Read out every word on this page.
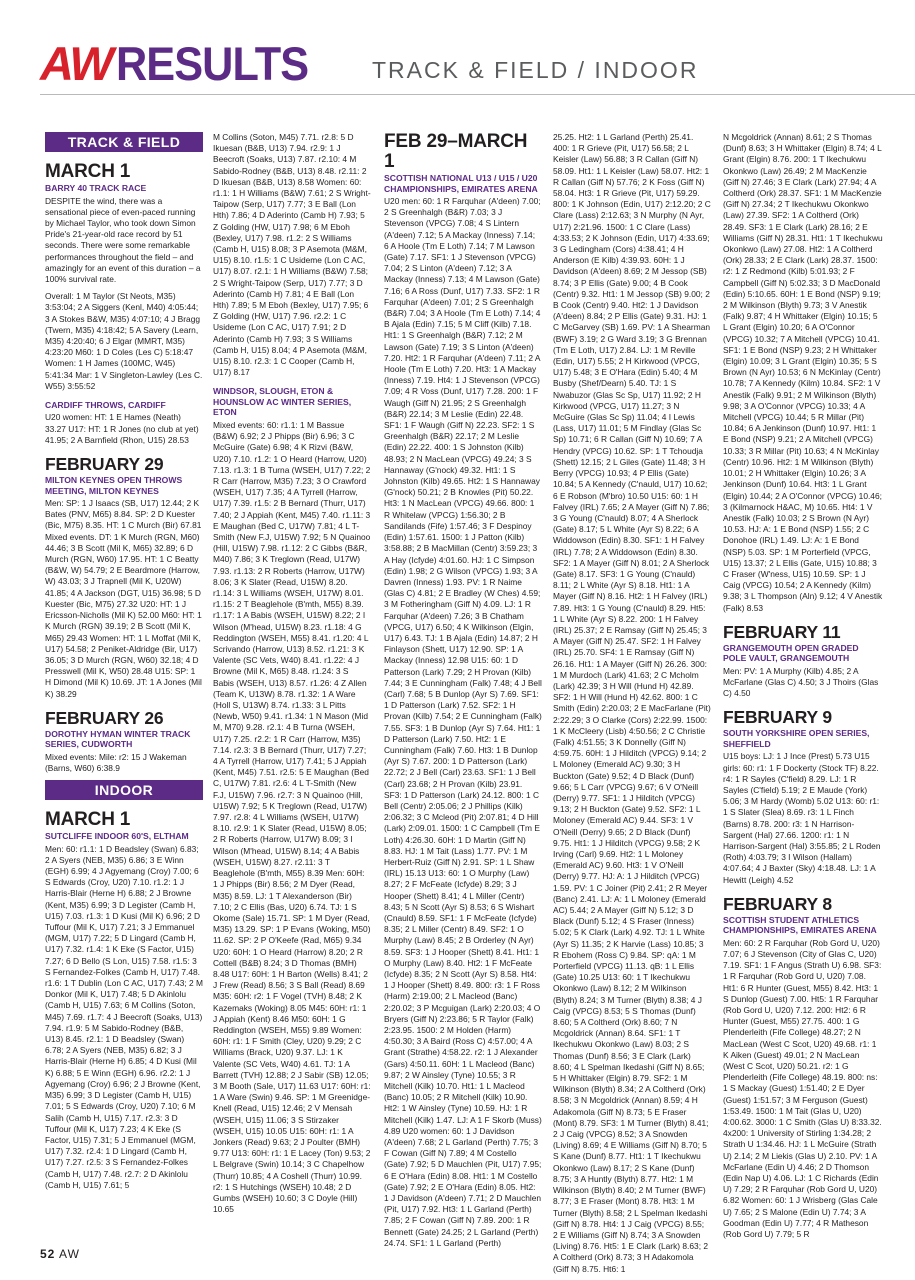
AW RESULTS	TRACK & FIELD / INDOOR
TRACK & FIELD
MARCH 1
BARRY 40 TRACK RACE

DESPITE the wind, there was a sensational piece of even-paced running by Michael Taylor, who took down Simon Pride's 21-year-old race record by 51 seconds. There were some remarkable performances throughout the field – and amazingly for an event of this duration – a 100% survival rate.

Overall: 1 M Taylor (St Neots, M35) 3:53:04; 2 A Siggers (Kenl, M40) 4:05:44; 3 A Stokes B&W, M35) 4:07:10; 4 J Bragg (Twern, M35) 4:18:42; 5 A Savery (Learn, M35) 4:20:40; 6 J Elgar (MMRT, M35) 4:23:20 M60: 1 D Coles (Les C) 5:18:47 Women: 1 H James (100MC, W45) 5:41:34 Mar: 1 V Singleton-Lawley (Les C. W55) 3:55:52

CARDIFF THROWS, CARDIFF

U20 women: HT: 1 E Hames (Neath) 33.27 U17: HT: 1 R Jones (no club at yet) 41.95; 2 A Barnfield (Rhon, U15) 28.53

FEBRUARY 29
MILTON KEYNES OPEN THROWS MEETING, MILTON KEYNES

Men: SP: 1 J Isaacs (SB, U17) 12.44; 2 K Bates (PNV, M65) 8.84. SP: 2 D Kuester (Bic, M75) 8.35. HT: 1 C Murch (Bir) 67.81 Mixed events. DT: 1 K Murch (RGN, M60) 44.46; 3 B Scott (Mil K, M65) 32.89; 6 D Murch (RGN, W60) 17.95. HT: 1 C Beatty (B&W, W) 54.79; 2 E Beardmore (Harrow, W) 43.03; 3 J Trapnell (Mil K, U20W) 41.85; 4 A Jackson (DGT, U15) 36.98; 5 D Kuester (Bic, M75) 27.32 U20: HT: 1 J Ericsson-Nicholls (Mil K) 52.00 M60: HT: 1 K Murch (RGN) 39.19; 2 B Scott (Mil K, M65) 29.43 Women: HT: 1 L Moffat (Mil K, U17) 54.58; 2 Peniket-Aldridge (Bir, U17) 36.05; 3 D Murch (RGN, W60) 32.18; 4 D Presswell (Mil K, W50) 28.48 U15: SP: 1 H Dimond (Mil K) 10.69. JT: 1 A Jones (Mil K) 38.29

FEBRUARY 26
DOROTHY HYMAN WINTER TRACK SERIES, CUDWORTH

Mixed events: Mile: r2: 15 J Wakeman (Barns, W60) 6:38.9

INDOOR
MARCH 1
SUTCLIFFE INDOOR 60'S, ELTHAM

Men: 60: r1.1: 1 D Beadsley (Swan) 6.83; 2 A Syers (NEB, M35) 6.86; 3 E Winn (EGH) 6.99; 4 J Agyemang (Croy) 7.00; 6 S Edwards (Croy, U20) 7.10. r1.2: 1 J Harris-Blair (Herne H) 6.88; 2 J Browne (Kent, M35) 6.99; 3 D Legister (Camb H, U15) 7.03. r1.3: 1 D Kusi (Mil K) 6.96; 2 D Tuffour (Mil K, U17) 7.21; 3 J Emmanuel (MGM, U17) 7.22; 5 D Lingard (Camb H, U17) 7.32. r1.4: 1 K Eke (S Factor, U15) 7.27; 6 D Bello (S Lon, U15) 7.58. r1.5: 3 S Fernandez-Folkes (Camb H, U17) 7.48. r1.6: 1 T Dublin (Lon C AC, U17) 7.43; 2 M Donkor (Mil K, U17) 7.48; 5 D Akinlolu (Camb H, U15) 7.63; 6 M Collins (Soton, M45) 7.69. r1.7: 4 J Beecroft (Soaks, U13) 7.94. r1.9: 5 M Sabido-Rodney (B&B, U13) 8.45. r2.1: 1 D Beadsley (Swan) 6.78; 2 A Syers (NEB, M35) 6.82; 3 J Harris-Blair (Herne H) 6.85; 4 D Kusi (Mil K) 6.88; 5 E Winn (EGH) 6.96. r2.2: 1 J Agyemang (Croy) 6.96; 2 J Browne (Kent, M35) 6.99; 3 D Legister (Camb H, U15) 7.01; 5 S Edwards (Croy, U20) 7.10; 6 M Salih (Camb H, U15) 7.17. r2.3: 3 D Tuffour (Mil K, U17) 7.23; 4 K Eke (S Factor, U15) 7.31; 5 J Emmanuel (MGM, U17) 7.32. r2.4: 1 D Lingard (Camb H, U17) 7.27. r2.5: 3 S Fernandez-Folkes (Camb H, U17) 7.48. r2.7: 2 D Akinlolu (Camb H, U15) 7.61; 5

M Collins (Soton, M45) 7.71. r2.8: 5 D Ikuesan (B&B, U13) 7.94. r2.9: 1 J Beecroft (Soaks, U13) 7.87. r2.10: 4 M Sabido-Rodney (B&B, U13) 8.48. r2.11: 2 D Ikuesan (B&B, U13) 8.58 Women: 60: r1.1: 1 H Williams (B&W) 7.61; 2 S Wright-Taipow (Serp, U17) 7.77; 3 E Ball (Lon Hth) 7.86; 4 D Aderinto (Camb H) 7.93; 5 Z Golding (HW, U17) 7.98; 6 M Eboh (Bexley, U17) 7.98. r1.2: 2 S Williams (Camb H, U15) 8.08; 3 P Asemota (M&M, U15) 8.10. r1.5: 1 C Usideme (Lon C AC, U17) 8.07. r2.1: 1 H Williams (B&W) 7.58; 2 S Wright-Taipow (Serp, U17) 7.77; 3 D Aderinto (Camb H) 7.81; 4 E Ball (Lon Hth) 7.89; 5 M Eboh (Bexley, U17) 7.95; 6 Z Golding (HW, U17) 7.96. r2.2: 1 C Usideme (Lon C AC, U17) 7.91; 2 D Aderinto (Camb H) 7.93; 3 S Williams (Camb H, U15) 8.04; 4 P Asemota (M&M, U15) 8.10. r2.3: 1 C Cooper (Camb H, U17) 8.17

WINDSOR, SLOUGH, ETON & HOUNSLOW AC WINTER SERIES, ETON

Mixed events: 60: r1.1: 1 M Bassue (B&W) 6.92; 2 J Phipps (Bir) 6.96; 3 C McGuire (Gate) 6.98; 4 K Rizvi (B&W, U20) 7.10. r1.2: 1 O Heard (Harrow, U20) 7.13. r1.3: 1 B Turna (WSEH, U17) 7.22; 2 R Carr (Harrow, M35) 7.23; 3 O Crawford (WSEH, U17) 7.35; 4 A Tyrrell (Harrow, U17) 7.39. r1.5: 2 B Bernard (Thurr, U17) 7.40; 2 J Appiah (Kent, M45) 7.40. r1.11: 3 E Maughan (Bed C, U17W) 7.81; 4 L T-Smith (New F.J, U15W) 7.92; 5 N Quainoo (Hill, U15W) 7.98. r1.12: 2 C Gibbs (B&R, M40) 7.86; 3 K Treglown (Read, U17W) 7.93. r1.13: 2 R Roberts (Harrow, U17W) 8.06; 3 K Slater (Read, U15W) 8.20. r1.14: 3 L Williams (WSEH, U17W) 8.01. r1.15: 2 T Beaglehole (B'mth, M55) 8.39. r1.17: 1 A Babis (WSEH, U15W) 8.22; 2 I Wilson (M'head, U15W) 8.23. r1.18: 4 G Reddington (WSEH, M55) 8.41. r1.20: 4 L Scrivando (Harrow, U13) 8.52. r1.21: 3 K Valente (SC Vets, W40) 8.41. r1.22: 4 J Browne (Mil K, M65) 8.48. r1.24: 3 S Babis (WSEH, U13) 8.57. r1.26: 4 Z Allen (Team K, U13W) 8.78. r1.32: 1 A Ware (Holl S, U13W) 8.74. r1.33: 3 L Pitts (Newb, W50) 9.41. r1.34: 1 N Mason (Mid M, M70) 9.28. r2.1: 4 B Turna (WSEH, U17) 7.25. r2.2: 1 R Carr (Harrow, M35) 7.14. r2.3: 3 B Bernard (Thurr, U17) 7.27; 4 A Tyrrell (Harrow, U17) 7.41; 5 J Appiah (Kent, M45) 7.51. r2.5: 5 E Maughan (Bed C, U17W) 7.81. r2.6: 4 L T-Smith (New F.J, U15W) 7.96. r2.7: 3 N Quainoo (Hill, U15W) 7.92; 5 K Treglown (Read, U17W) 7.97. r2.8: 4 L Williams (WSEH, U17W) 8.10. r2.9: 1 K Slater (Read, U15W) 8.05; 2 R Roberts (Harrow, U17W) 8.09; 3 I Wilson (M'head, U15W) 8.14; 4 A Babis (WSEH, U15W) 8.27. r2.11: 3 T Beaglehole (B'mth, M55) 8.39 Men: 60H: 1 J Phipps (Bir) 8.56; 2 M Dyer (Read, M35) 8.59. LJ: 1 T Alexanderson (Bir) 7.10; 2 C Ellis (Bas, U20) 6.74. TJ: 1 S Okome (Sale) 15.71. SP: 1 M Dyer (Read, M35) 13.29. SP: 1 P Evans (Woking, M50) 11.62. SP: 2 P O'Keefe (Rad, M65) 9.34 U20: 60H: 1 O Heard (Harrow) 8.20; 2 R Cottell (B&B) 8.24; 3 D Thomas (BMH) 8.48 U17: 60H: 1 H Barton (Wells) 8.41; 2 J Frew (Read) 8.56; 3 S Ball (Read) 8.69 M35: 60H: r2: 1 F Vogel (TVH) 8.48; 2 K Kazemaks (Woking) 8.05 M45: 60H: r1: 1 J Appiah (Kent) 8.46 M50: 60H: 1 G Reddington (WSEH, M55) 9.89 Women: 60H: r1: 1 F Smith (Cley, U20) 9.29; 2 C Williams (Brack, U20) 9.37. LJ: 1 K Valente (SC Vets, W40) 4.61. TJ: 1 A Barrett (TVH) 12.88; 2 J Sabir (SB) 12.05; 3 M Booth (Sale, U17) 11.63 U17: 60H: r1: 1 A Ware (Swin) 9.46. SP: 1 M Greenidge-Knell (Read, U15) 12.46; 2 V Mensah (WSEH, U15) 11.06; 3 S Stirzaker (WSEH, U15) 10.05 U15: 60H: r1: 1 A Jonkers (Read) 9.63; 2 J Poulter (BMH) 9.77 U13: 60H: r1: 1 E Lacey (Ton) 9.53; 2 L Belgrave (Swin) 10.14; 3 C Chapelhow (Thurr) 10.85; 4 A Coshell (Thurr) 10.99. r2: 1 S Hutchings (WSEH) 10.48; 2 D Gumbs (WSEH) 10.60; 3 C Doyle (Hill) 10.65

FEB 29–MARCH 1
SCOTTISH NATIONAL U13 / U15 / U20 CHAMPIONSHIPS, EMIRATES ARENA

U20 men: 60: 1 R Farquhar (A'deen) 7.00; 2 S Greenhalgh (B&R) 7.03; 3 J Stevenson (VPCG) 7.08; 4 S Lintern (A'deen) 7.12; 5 A Mackay (Inness) 7.14; 6 A Hoole (Tm E Loth) 7.14; 7 M Lawson (Gate) 7.17. SF1: 1 J Stevenson (VPCG) 7.04; 2 S Linton (A'deen) 7.12; 3 A Mackay (Inness) 7.13; 4 M Lawson (Gate) 7.16; 6 A Ross (Dunf, U17) 7.33. SF2: 1 R Farquhar (A'deen) 7.01; 2 S Greenhalgh (B&R) 7.04; 3 A Hoole (Tm E Loth) 7.14; 4 B Ajala (Edin) 7.15; 5 M Cliff (Kilb) 7.18. Ht1: 1 S Greenhalgh (B&R) 7.12; 2 M Lawson (Gate) 7.19; 3 S Linton (A'deen) 7.20. Ht2: 1 R Farquhar (A'deen) 7.11; 2 A Hoole (Tm E Loth) 7.20. Ht3: 1 A Mackay (Inness) 7.19. Ht4: 1 J Stevenson (VPCG) 7.09; 4 R Voss (Dunf, U17) 7.28. 200: 1 F Waugh (Giff N) 21.95; 2 S Greenhalgh (B&R) 22.14; 3 M Leslie (Edin) 22.48. SF1: 1 F Waugh (Giff N) 22.23. SF2: 1 S Greenhalgh (B&R) 22.17; 2 M Leslie (Edin) 22.22. 400: 1 S Johnston (Kilb) 48.93; 2 N MacLean (VPCG) 49.24; 3 S Hannaway (G'nock) 49.32. Ht1: 1 S Johnston (Kilb) 49.65. Ht2: 1 S Hannaway (G'nock) 50.21; 2 B Knowles (Pit) 50.22. Ht3: 1 N MacLean (VPCG) 49.66. 800: 1 R Whitelaw (VPCG) 1:56.30; 2 B Sandilands (Fife) 1:57.46; 3 F Despinoy (Edin) 1:57.61. 1500: 1 J Patton (Kilb) 3:58.88; 2 B MacMillan (Centr) 3:59.23; 3 A Hay (Icfyde) 4:01.60. HJ: 1 C Simpson (Edin) 1.98; 2 G Wilson (VPCG) 1.93; 3 A Davren (Inness) 1.93. PV: 1 R Naime (Glas C) 4.81; 2 E Bradley (W Ches) 4.59; 3 M Fotheringham (Giff N) 4.09. LJ: 1 R Farquhar (A'deen) 7.26; 3 B Chatham (VPCG, U17) 6.50; 4 K Wilkinson (Elgin, U17) 6.43. TJ: 1 B Ajala (Edin) 14.87; 2 H Finlayson (Shett, U17) 12.90. SP: 1 A Mackay (Inness) 12.98 U15: 60: 1 D Patterson (Lark) 7.29; 2 H Provan (Kilb) 7.44; 3 E Cunningham (Falk) 7.48; 4 J Bell (Carl) 7.68; 5 B Dunlop (Ayr S) 7.69. SF1: 1 D Patterson (Lark) 7.52. SF2: 1 H Provan (Kilb) 7.54; 2 E Cunningham (Falk) 7.55. SF3: 1 B Dunlop (Ayr S) 7.64. Ht1: 1 D Patterson (Lark) 7.50. Ht2: 1 E Cunningham (Falk) 7.60. Ht3: 1 B Dunlop (Ayr S) 7.67. 200: 1 D Patterson (Lark) 22.72; 2 J Bell (Carl) 23.63. SF1: 1 J Bell (Carl) 23.68; 2 H Provan (Kilb) 23.91. SF3: 1 D Patterson (Lark) 24.12. 800: 1 C Bell (Centr) 2:05.06; 2 J Phillips (Kilk) 2:06.32; 3 C Mcleod (Pit) 2:07.81; 4 D Hill (Lark) 2:09.01. 1500: 1 C Campbell (Tm E Loth) 4:26.30. 60H: 1 D Martin (Giff N) 8.83. HJ: 1 M Tait (Lass) 1.77. PV: 1 M Herbert-Ruiz (Giff N) 2.91. SP: 1 L Shaw (IRL) 15.13 U13: 60: 1 O Murphy (Law) 8.27; 2 F McFeate (Icfyde) 8.29; 3 J Hooper (Shett) 8.41; 4 L Miller (Centr) 8.43; 5 N Scott (Ayr S) 8.53; 6 S Wishart (Cnauld) 8.59. SF1: 1 F McFeate (Icfyde) 8.35; 2 L Miller (Centr) 8.49. SF2: 1 O Murphy (Law) 8.45; 2 B Orderley (N Ayr) 8.59. SF3: 1 J Hooper (Shett) 8.41. Ht1: 1 O Murphy (Law) 8.40. Ht2: 1 F McFeate (Icfyde) 8.35; 2 N Scott (Ayr S) 8.58. Ht4: 1 J Hooper (Shett) 8.49. 800: r3: 1 F Ross (Harm) 2:19.00; 2 L Macleod (Banc) 2:20.02; 3 P Mcguigan (Lark) 2:20.03; 4 O Bryers (Giff N) 2:23.86; 5 R Taylor (Falk) 2:23.95. 1500: 2 M Holden (Harm) 4:50.30; 3 A Baird (Ross C) 4:57.00; 4 A Grant (Strathe) 4:58.22. r2: 1 J Alexander (Gars) 4:50.11. 60H: 1 L Macleod (Banc) 9.87; 2 W Ainsley (Tyne) 10.55; 3 R Mitchell (Kilk) 10.70. Ht1: 1 L Macleod (Banc) 10.05; 2 R Mitchell (Kilk) 10.90. Ht2: 1 W Ainsley (Tyne) 10.59. HJ: 1 R Mitchell (Kilk) 1.47. LJ: A 1 F Skorb (Muss) 4.89 U20 women: 60: 1 J Davidson (A'deen) 7.68; 2 L Garland (Perth) 7.75; 3 F Cowan (Giff N) 7.89; 4 M Costello (Gate) 7.92; 5 D Mauchlen (Pit, U17) 7.95; 6 E O'Hara (Edin) 8.08. Ht1: 1 M Costello (Gate) 7.92; 2 E O'Hara (Edin) 8.05. Ht2: 1 J Davidson (A'deen) 7.71; 2 D Mauchlen (Pit, U17) 7.92. Ht3: 1 L Garland (Perth) 7.85; 2 F Cowan (Giff N) 7.89. 200: 1 R Bennett (Gate) 24.25; 2 L Garland (Perth) 24.74. SF1: 1 L Garland (Perth)

25.25. Ht2: 1 L Garland (Perth) 25.41. 400: 1 R Grieve (Pit, U17) 56.58; 2 L Keisler (Law) 56.88; 3 R Callan (Giff N) 58.09. Ht1: 1 L Keisler (Law) 58.07. Ht2: 1 R Callan (Giff N) 57.76; 2 K Foss (Giff N) 58.04. Ht3: 1 R Grieve (Pit, U17) 59.29. 800: 1 K Johnson (Edin, U17) 2:12.20; 2 C Clare (Lass) 2:12.63; 3 N Murphy (N Ayr, U17) 2:21.96. 1500: 1 C Clare (Lass) 4:33.53; 2 K Johnson (Edin, U17) 4:33.69; 3 G Ledingham (Cors) 4:38.41; 4 H Anderson (E Kilb) 4:39.93. 60H: 1 J Davidson (A'deen) 8.69; 2 M Jessop (SB) 8.74; 3 P Ellis (Gate) 9.00; 4 B Cook (Centr) 9.32. Ht1: 1 M Jessop (SB) 9.00; 2 B Cook (Centr) 9.40. Ht2: 1 J Davidson (A'deen) 8.84; 2 P Ellis (Gate) 9.31. HJ: 1 C McGarvey (SB) 1.69. PV: 1 A Shearman (BWF) 3.19; 2 G Ward 3.19; 3 G Brennan (Tm E Loth, U17) 2.84. LJ: 1 M Reville (Edin, U17) 5.55; 2 H Kirkwood (VPCG, U17) 5.48; 3 E O'Hara (Edin) 5.40; 4 M Busby (Shef/Dearn) 5.40. TJ: 1 S Nwabuzor (Glas Sc Sp, U17) 11.92; 2 H Kirkwood (VPCG, U17) 11.27; 3 N McGuire (Glas Sc Sp) 11.04; 4 I Lewis (Lass, U17) 11.01; 5 M Findlay (Glas Sc Sp) 10.71; 6 R Callan (Giff N) 10.69; 7 A Hendry (VPCG) 10.62. SP: 1 T Tchoudja (Shett) 12.15; 2 L Giles (Gate) 11.48; 3 H Berry (VPCG) 10.93; 4 P Ellis (Gate) 10.84; 5 A Kennedy (C'nauld, U17) 10.62; 6 E Robson (M'bro) 10.50 U15: 60: 1 H Falvey (IRL) 7.65; 2 A Mayer (Giff N) 7.86; 3 G Young (C'nauld) 8.07; 4 A Sherlock (Gate) 8.17; 5 L White (Ayr S) 8.22; 6 A Widdowson (Edin) 8.30. SF1: 1 H Falvey (IRL) 7.78; 2 A Widdowson (Edin) 8.30. SF2: 1 A Mayer (Giff N) 8.01; 2 A Sherlock (Gate) 8.17. SF3: 1 G Young (C'nauld) 8.11; 2 L White (Ayr S) 8.18. Ht1: 1 A Mayer (Giff N) 8.16. Ht2: 1 H Falvey (IRL) 7.89. Ht3: 1 G Young (C'nauld) 8.29. Ht5: 1 L White (Ayr S) 8.22. 200: 1 H Falvey (IRL) 25.37; 2 E Ramsay (Giff N) 25.45; 3 A Mayer (Giff N) 25.47. SF2: 1 H Falvey (IRL) 25.70. SF4: 1 E Ramsay (Giff N) 26.16. Ht1: 1 A Mayer (Giff N) 26.26. 300: 1 M Murdoch (Lark) 41.63; 2 C Mcholm (Lark) 42.39; 3 H Will (Hund H) 42.89. SF2: 1 H Will (Hund H) 42.62. 800: 1 C Smith (Edin) 2:20.03; 2 E MacFarlane (Pit) 2:22.29; 3 O Clarke (Cors) 2:22.99. 1500: 1 K McCleery (Lisb) 4:50.56; 2 C Christie (Falk) 4:51.55; 3 K Donnelly (Giff N) 4:59.75. 60H: 1 J Hilditch (VPCG) 9.14; 2 L Moloney (Emerald AC) 9.30; 3 H Buckton (Gate) 9.52; 4 D Black (Dunf) 9.66; 5 L Carr (VPCG) 9.67; 6 V O'Neill (Derry) 9.77. SF1: 1 J Hilditch (VPCG) 9.13; 2 H Buckton (Gate) 9.52. SF2: 1 L Moloney (Emerald AC) 9.44. SF3: 1 V O'Neill (Derry) 9.65; 2 D Black (Dunf) 9.75. Ht1: 1 J Hilditch (VPCG) 9.58; 2 K Irving (Carl) 9.69. Ht2: 1 L Moloney (Emerald AC) 9.60. Ht3: 1 V O'Neill (Derry) 9.77. HJ: A: 1 J Hilditch (VPCG) 1.59. PV: 1 C Joiner (Pit) 2.41; 2 R Meyer (Banc) 2.41. LJ: A: 1 L Moloney (Emerald AC) 5.44; 2 A Mayer (Giff N) 5.12; 3 D Black (Dunf) 5.12; 4 S Fraser (Inness) 5.02; 5 K Clark (Lark) 4.92. TJ: 1 L White (Ayr S) 11.35; 2 K Harvie (Lass) 10.85; 3 R Ebohem (Ross C) 9.84. SP: qA: 1 M Porterfield (VPCG) 11.13. qB: 1 L Ellis (Gate) 10.25 U13: 60: 1 T Ikechukwu Okonkwo (Law) 8.12; 2 M Wilkinson (Blyth) 8.24; 3 M Turner (Blyth) 8.38; 4 J Caig (VPCG) 8.53; 5 S Thomas (Dunf) 8.60; 5 A Coltherd (Ork) 8.60; 7 N Mcgoldrick (Annan) 8.64. SF1: 1 T Ikechukwu Okonkwo (Law) 8.03; 2 S Thomas (Dunf) 8.56; 3 E Clark (Lark) 8.60; 4 L Spelman Ikedashi (Giff N) 8.65; 5 H Whittaker (Elgin) 8.79. SF2: 1 M Wilkinson (Blyth) 8.34; 2 A Coltherd (Ork) 8.58; 3 N Mcgoldrick (Annan) 8.59; 4 H Adakomola (Giff N) 8.73; 5 E Fraser (Mont) 8.79. SF3: 1 M Turner (Blyth) 8.41; 2 J Caig (VPCG) 8.52; 3 A Snowden (Living) 8.69; 4 E Williams (Giff N) 8.70; 5 S Kane (Dunf) 8.77. Ht1: 1 T Ikechukwu Okonkwo (Law) 8.17; 2 S Kane (Dunf) 8.75; 3 A Huntly (Blyth) 8.77. Ht2: 1 M Wilkinson (Blyth) 8.40; 2 M Turner (BWF) 8.77; 3 E Fraser (Mont) 8.78. Ht3: 1 M Turner (Blyth) 8.58; 2 L Spelman Ikedashi (Giff N) 8.78. Ht4: 1 J Caig (VPCG) 8.55; 2 E Williams (Giff N) 8.74; 3 A Snowden (Living) 8.76. Ht5: 1 E Clark (Lark) 8.63; 2 A Coltherd (Ork) 8.73; 3 H Adakomola (Giff N) 8.75. Ht6: 1

N Mcgoldrick (Annan) 8.61; 2 S Thomas (Dunf) 8.63; 3 H Whittaker (Elgin) 8.74; 4 L Grant (Elgin) 8.76. 200: 1 T Ikechukwu Okonkwo (Law) 26.49; 2 M MacKenzie (Giff N) 27.46; 3 E Clark (Lark) 27.94; 4 A Coltherd (Ork) 28.37. SF1: 1 M MacKenzie (Giff N) 27.34; 2 T Ikechukwu Okonkwo (Law) 27.39. SF2: 1 A Coltherd (Ork) 28.49. SF3: 1 E Clark (Lark) 28.16; 2 E Williams (Giff N) 28.31. Ht1: 1 T Ikechukwu Okonkwo (Law) 27.08. Ht2: 1 A Coltherd (Ork) 28.33; 2 E Clark (Lark) 28.37. 1500: r2: 1 Z Redmond (Kilb) 5:01.93; 2 F Campbell (Giff N) 5:02.33; 3 D MacDonald (Edin) 5:10.65. 60H: 1 E Bond (NSP) 9.19; 2 M Wilkinson (Blyth) 9.73; 3 V Anestik (Falk) 9.87; 4 H Whittaker (Elgin) 10.15; 5 L Grant (Elgin) 10.20; 6 A O'Connor (VPCG) 10.32; 7 A Mitchell (VPCG) 10.41. SF1: 1 E Bond (NSP) 9.23; 2 H Whittaker (Elgin) 10.09; 3 L Grant (Elgin) 10.35; 5 S Brown (N Ayr) 10.53; 6 N McKinlay (Centr) 10.78; 7 A Kennedy (Kilm) 10.84. SF2: 1 V Anestik (Falk) 9.91; 2 M Wilkinson (Blyth) 9.98; 3 A O'Connor (VPCG) 10.33; 4 A Mitchell (VPCG) 10.44; 5 R Millar (Pit) 10.84; 6 A Jenkinson (Dunf) 10.97. Ht1: 1 E Bond (NSP) 9.21; 2 A Mitchell (VPCG) 10.33; 3 R Millar (Pit) 10.63; 4 N McKinlay (Centr) 10.96. Ht2: 1 M Wilkinson (Blyth) 10.01; 2 H Whittaker (Elgin) 10.26; 3 A Jenkinson (Dunf) 10.64. Ht3: 1 L Grant (Elgin) 10.44; 2 A O'Connor (VPCG) 10.46; 3 (Kilmarnock H&AC, M) 10.65. Ht4: 1 V Anestik (Falk) 10.03; 2 S Brown (N Ayr) 10.53. HJ: A: 1 E Bond (NSP) 1.55; 2 C Donohoe (IRL) 1.49. LJ: A: 1 E Bond (NSP) 5.03. SP: 1 M Porterfield (VPCG, U15) 13.37; 2 L Ellis (Gate, U15) 10.88; 3 C Fraser (W'ness, U15) 10.59. SP: 1 J Caig (VPCG) 10.54; 2 A Kennedy (Kilm) 9.38; 3 L Thompson (Aln) 9.12; 4 V Anestik (Falk) 8.53

FEBRUARY 11
GRANGEMOUTH OPEN GRADED POLE VAULT, GRANGEMOUTH

Men: PV: 1 A Murphy (Kilb) 4.85; 2 A McFarlane (Glas C) 4.50; 3 J Thoirs (Glas C) 4.50

FEBRUARY 9
SOUTH YORKSHIRE OPEN SERIES, SHEFFIELD

U15 boys: LJ: 1 J Ince (Prest) 5.73 U15 girls: 60: r1: 1 F Dockerty (Stock TF) 8.22. r4: 1 R Sayles (C'field) 8.29. LJ: 1 R Sayles (C'field) 5.19; 2 E Maude (York) 5.06; 3 M Hardy (Womb) 5.02 U13: 60: r1: 1 S Slater (Slea) 8.69. r3: 1 L Finch (Barns) 8.78. 200: r3: 1 N Harrison-Sargent (Hal) 27.66. 1200: r1: 1 N Harrison-Sargent (Hal) 3:55.85; 2 L Roden (Roth) 4:03.79; 3 I Wilson (Hallam) 4:07.64; 4 J Baxter (Sky) 4:18.48. LJ: 1 A Hewitt (Leigh) 4.52

FEBRUARY 8
SCOTTISH STUDENT ATHLETICS CHAMPIONSHIPS, EMIRATES ARENA

Men: 60: 2 R Farquhar (Rob Gord U, U20) 7.07; 6 J Stevenson (City of Glas C, U20) 7.19. SF1: 1 F Angus (Strath U) 6.98. SF3: 1 R Farquhar (Rob Gord U, U20) 7.08. Ht1: 6 R Hunter (Guest, M55) 8.42. Ht3: 1 S Dunlop (Guest) 7.00. Ht5: 1 R Farquhar (Rob Gord U, U20) 7.12. 200: Ht2: 6 R Hunter (Guest, M55) 27.75. 400: 1 G Plenderleith (Fife College) 48.27; 2 N MacLean (West C Scot, U20) 49.68. r1: 1 K Aiken (Guest) 49.01; 2 N MacLean (West C Scot, U20) 50.21. r2: 1 G Plenderleith (Fife College) 48.19. 800: ns: 1 S Mackay (Guest) 1:51.40; 2 E Dyer (Guest) 1:51.57; 3 M Ferguson (Guest) 1:53.49. 1500: 1 M Tait (Glas U, U20) 4:00.62. 3000: 1 C Smith (Glas U) 8:33.32. 4x200: 1 University of Stirling 1:34.28; 2 Strath U 1:34.46. HJ: 1 L McGuire (Strath U) 2.14; 2 M Liekis (Glas U) 2.10. PV: 1 A McFarlane (Edin U) 4.46; 2 D Thomson (Edin Nap U) 4.06. LJ: 1 C Richards (Edin U) 7.29; 2 R Farquhar (Rob Gord U, U20) 6.82 Women: 60: 1 J Wrisberg (Glas Cale U) 7.65; 2 S Malone (Edin U) 7.74; 3 A Goodman (Edin U) 7.77; 4 R Matheson (Rob Gord U) 7.79; 5 R

52 AW
